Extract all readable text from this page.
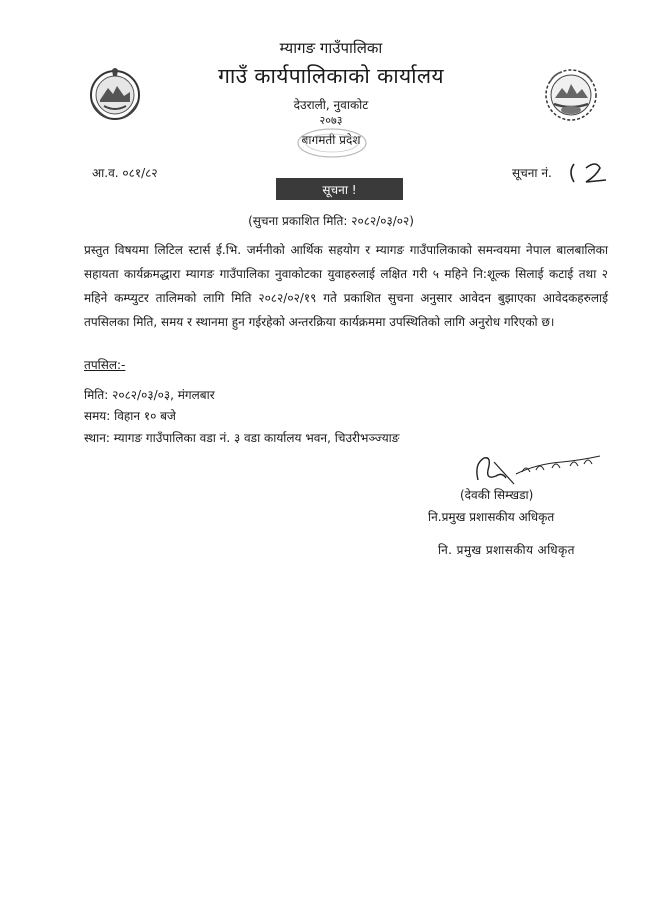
म्यागङ गाउँपालिका
गाउँ कार्यपालिकाको कार्यालय
देउराली, नुवाकोट
२०७३
बागमती प्रदेश
आ.व. ०८१/८२	सूचना नं.
सूचना !
(सुचना प्रकाशित मिति: २०८२/०३/०२)

प्रस्तुत विषयमा लिटिल स्टार्स ई.भि. जर्मनीको आर्थिक सहयोग र म्यागङ गाउँपालिकाको समन्वयमा नेपाल बालबालिका सहायता कार्यक्रमद्धारा म्यागङ गाउँपालिका नुवाकोटका युवाहरुलाई लक्षित गरी ५ महिने नि:शूल्क सिलाई कटाई तथा २ महिने कम्प्युटर तालिमको लागि मिति २०८२/०२/१९ गते प्रकाशित सुचना अनुसार आवेदन बुझाएका आवेदकहरुलाई तपसिलका मिति, समय र स्थानमा हुन गईरहेको अन्तरक्रिया कार्यक्रममा उपस्थितिको लागि अनुरोध गरिएको छ।

तपसिल:-
मिति: २०८२/०३/०३, मंगलबार
समय: विहान १० बजे
स्थान: म्यागङ गाउँपालिका वडा नं. ३ वडा कार्यालय भवन, चिउरीभञ्ज्याङ
(देवकी सिम्खडा)
नि.प्रमुख प्रशासकीय अधिकृत
नि. प्रमुख प्रशासकीय अधिकृत
